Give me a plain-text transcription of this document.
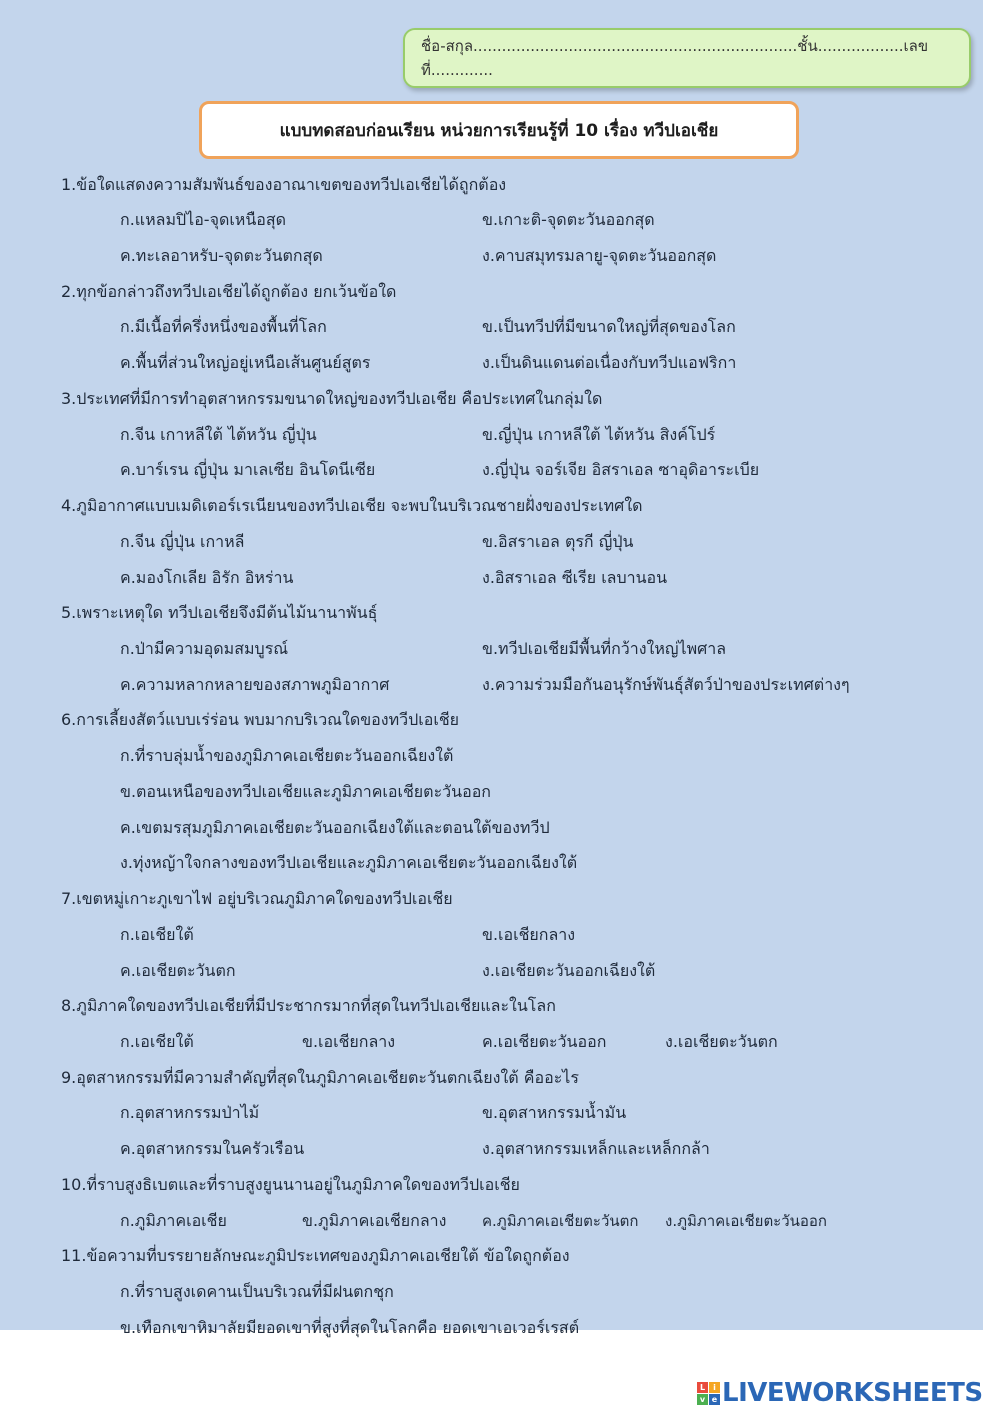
ชื่อ-สกุล....................................................................ชั้น..................เลขที่.............
แบบทดสอบก่อนเรียน หน่วยการเรียนรู้ที่ 10 เรื่อง ทวีปเอเชีย
1.ข้อใดแสดงความสัมพันธ์ของอาณาเขตของทวีปเอเชียได้ถูกต้อง
ก.แหลมปิไอ-จุดเหนือสุด	ข.เกาะติ-จุดตะวันออกสุด
ค.ทะเลอาหรับ-จุดตะวันตกสุด	ง.คาบสมุทรมลายู-จุดตะวันออกสุด
2.ทุกข้อกล่าวถึงทวีปเอเชียได้ถูกต้อง ยกเว้นข้อใด
ก.มีเนื้อที่ครึ่งหนึ่งของพื้นที่โลก	ข.เป็นทวีปที่มีขนาดใหญ่ที่สุดของโลก
ค.พื้นที่ส่วนใหญ่อยู่เหนือเส้นศูนย์สูตร	ง.เป็นดินแดนต่อเนื่องกับทวีปแอฟริกา
3.ประเทศที่มีการทำอุตสาหกรรมขนาดใหญ่ของทวีปเอเชีย คือประเทศในกลุ่มใด
ก.จีน เกาหลีใต้ ไต้หวัน ญี่ปุ่น	ข.ญี่ปุ่น เกาหลีใต้ ไต้หวัน สิงค์โปร์
ค.บาร์เรน ญี่ปุ่น มาเลเซีย อินโดนีเซีย	ง.ญี่ปุ่น จอร์เจีย อิสราเอล ซาอุดิอาระเบีย
4.ภูมิอากาศแบบเมดิเตอร์เรเนียนของทวีปเอเชีย จะพบในบริเวณชายฝั่งของประเทศใด
ก.จีน ญี่ปุ่น เกาหลี	ข.อิสราเอล ตุรกี ญี่ปุ่น
ค.มองโกเลีย อิรัก อิหร่าน	ง.อิสราเอล ซีเรีย เลบานอน
5.เพราะเหตุใด ทวีปเอเชียจึงมีต้นไม้นานาพันธุ์
ก.ป่ามีความอุดมสมบูรณ์	ข.ทวีปเอเชียมีพื้นที่กว้างใหญ่ไพศาล
ค.ความหลากหลายของสภาพภูมิอากาศ	ง.ความร่วมมือกันอนุรักษ์พันธุ์สัตว์ป่าของประเทศต่างๆ
6.การเลี้ยงสัตว์แบบเร่ร่อน พบมากบริเวณใดของทวีปเอเชีย
ก.ที่ราบลุ่มน้ำของภูมิภาคเอเชียตะวันออกเฉียงใต้
ข.ตอนเหนือของทวีปเอเชียและภูมิภาคเอเชียตะวันออก
ค.เขตมรสุมภูมิภาคเอเชียตะวันออกเฉียงใต้และตอนใต้ของทวีป
ง.ทุ่งหญ้าใจกลางของทวีปเอเชียและภูมิภาคเอเชียตะวันออกเฉียงใต้
7.เขตหมู่เกาะภูเขาไฟ อยู่บริเวณภูมิภาคใดของทวีปเอเชีย
ก.เอเชียใต้	ข.เอเชียกลาง
ค.เอเชียตะวันตก	ง.เอเชียตะวันออกเฉียงใต้
8.ภูมิภาคใดของทวีปเอเชียที่มีประชากรมากที่สุดในทวีปเอเชียและในโลก
ก.เอเชียใต้	ข.เอเชียกลาง	ค.เอเชียตะวันออก	ง.เอเชียตะวันตก
9.อุตสาหกรรมที่มีความสำคัญที่สุดในภูมิภาคเอเชียตะวันตกเฉียงใต้ คืออะไร
ก.อุตสาหกรรมป่าไม้	ข.อุตสาหกรรมน้ำมัน
ค.อุตสาหกรรมในครัวเรือน	ง.อุตสาหกรรมเหล็กและเหล็กกล้า
10.ที่ราบสูงธิเบตและที่ราบสูงยูนนานอยู่ในภูมิภาคใดของทวีปเอเชีย
ก.ภูมิภาคเอเชีย	ข.ภูมิภาคเอเชียกลาง ค.ภูมิภาคเอเชียตะวันตก ง.ภูมิภาคเอเชียตะวันออก
11.ข้อความที่บรรยายลักษณะภูมิประเทศของภูมิภาคเอเชียใต้ ข้อใดถูกต้อง
ก.ที่ราบสูงเดคานเป็นบริเวณที่มีฝนตกชุก
ข.เทือกเขาหิมาลัยมียอดเขาที่สูงที่สุดในโลกคือ ยอดเขาเอเวอร์เรสต์
L	i
v e LIVEWORKSHEETS
